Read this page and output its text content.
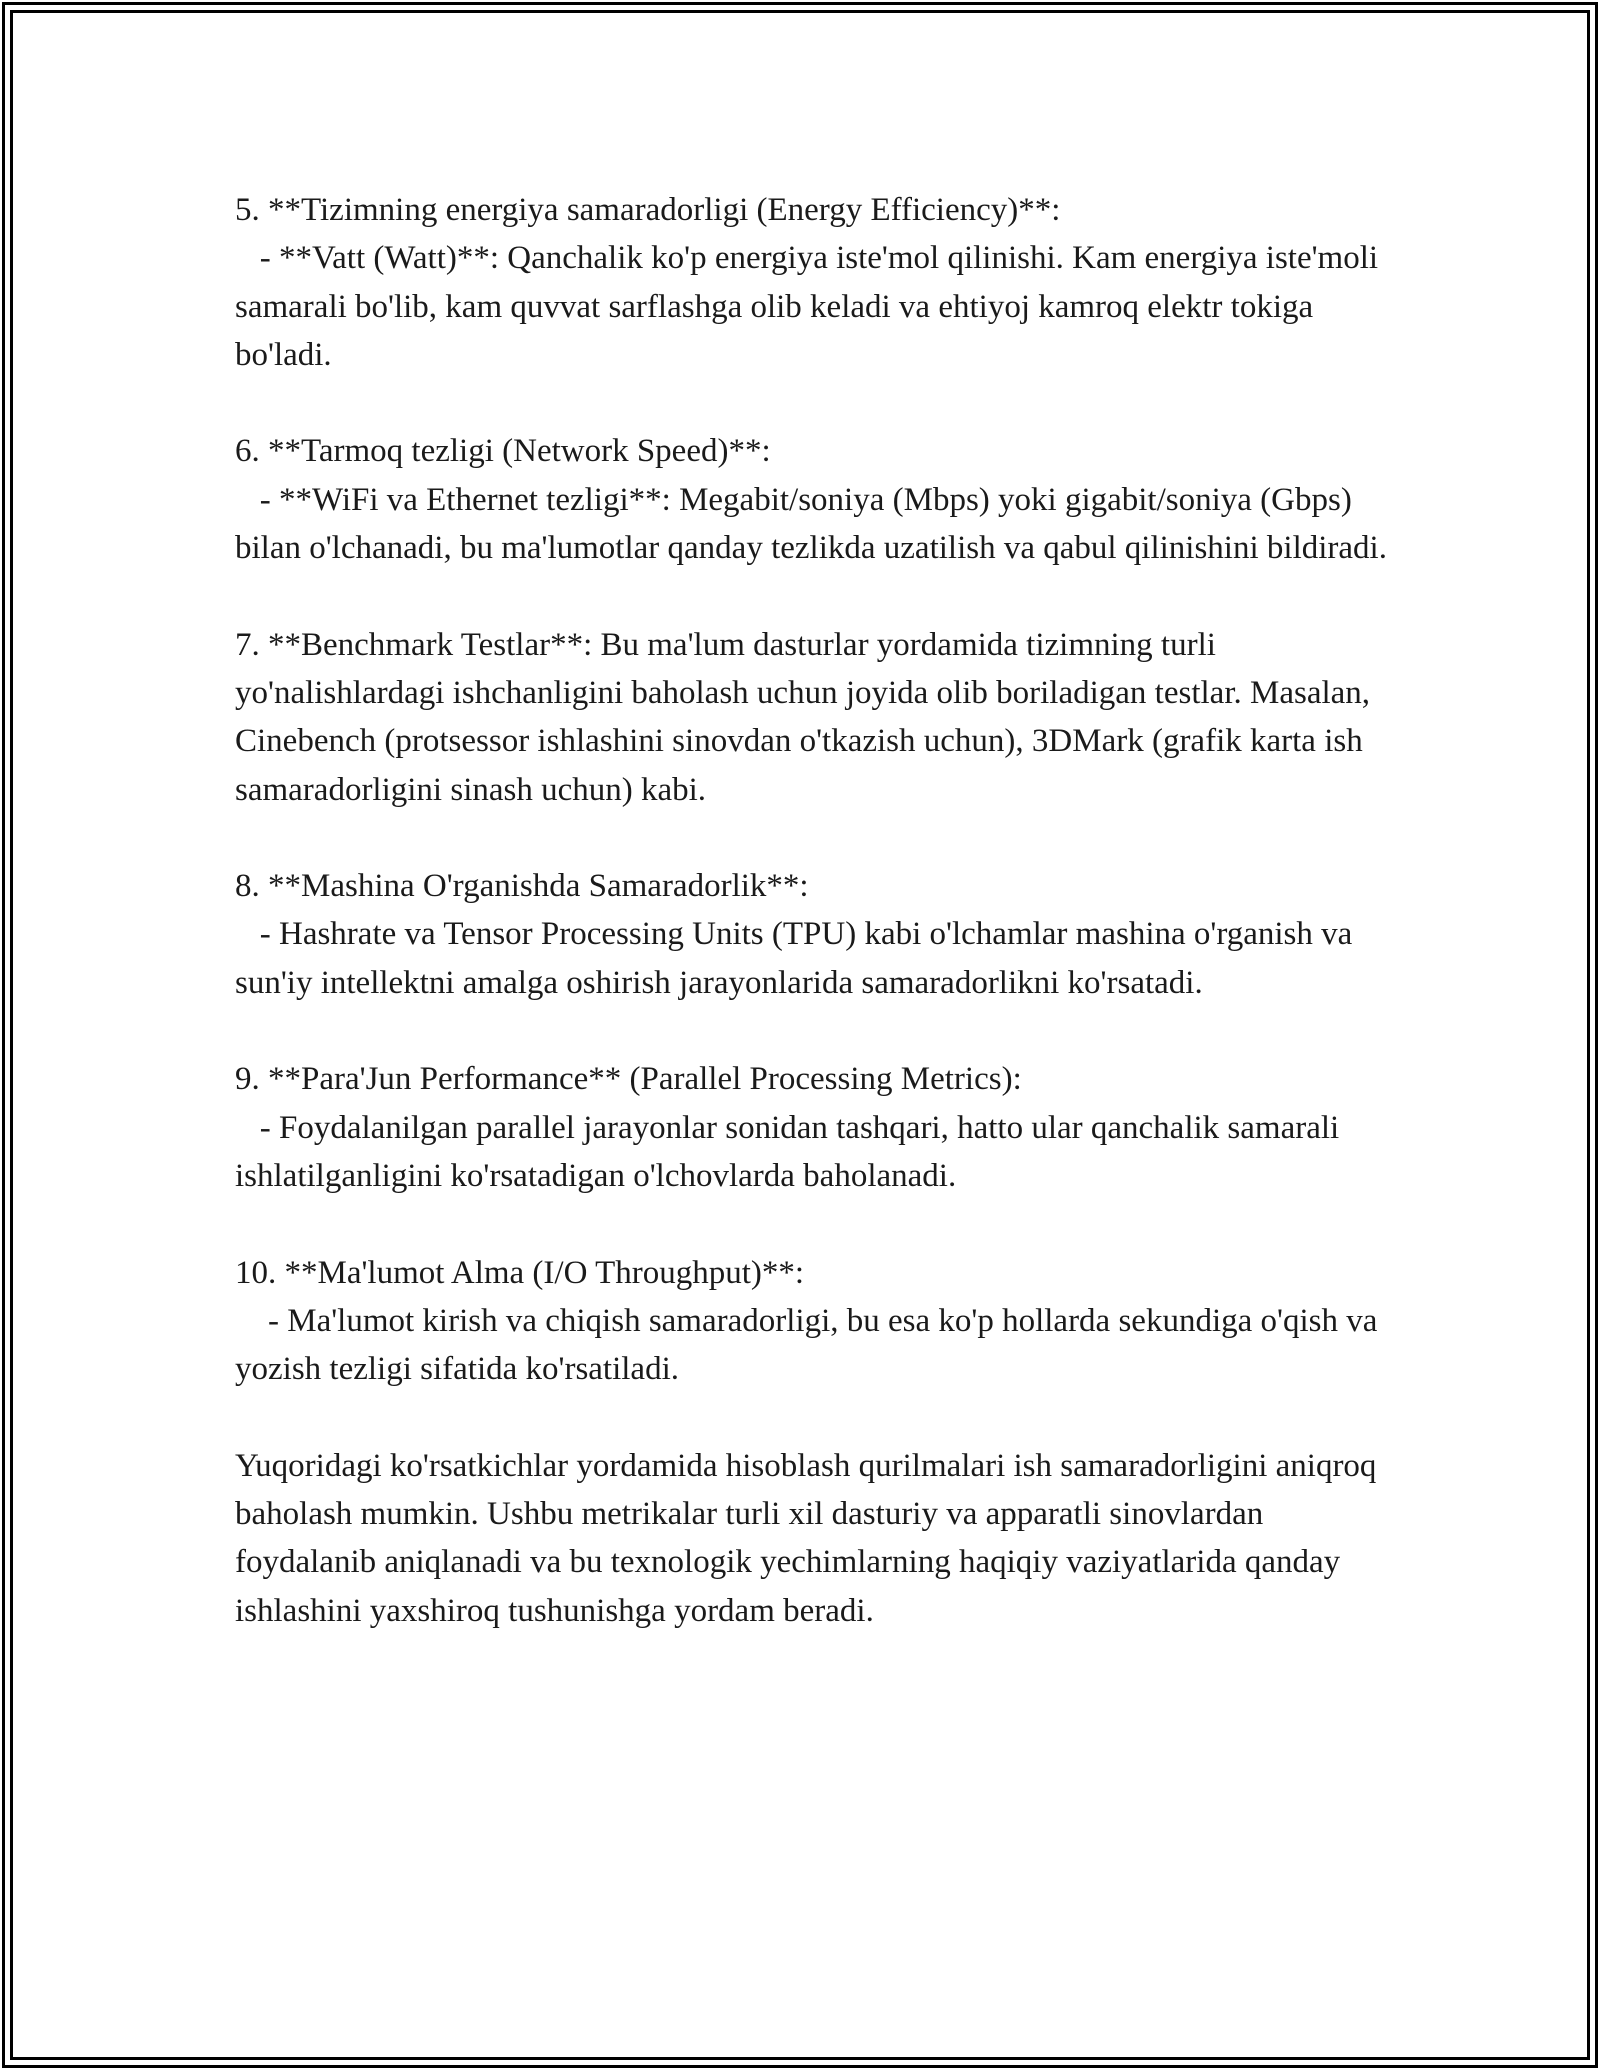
5. **Tizimning energiya samaradorligi (Energy Efficiency)**:

- **Vatt (Watt)**: Qanchalik ko'p energiya iste'mol qilinishi. Kam energiya iste'moli samarali bo'lib, kam quvvat sarflashga olib keladi va ehtiyoj kamroq elektr tokiga bo'ladi.

6. **Tarmoq tezligi (Network Speed)**:

- **WiFi va Ethernet tezligi**: Megabit/soniya (Mbps) yoki gigabit/soniya (Gbps) bilan o'lchanadi, bu ma'lumotlar qanday tezlikda uzatilish va qabul qilinishini bildiradi.

7. **Benchmark Testlar**: Bu ma'lum dasturlar yordamida tizimning turli yo'nalishlardagi ishchanligini baholash uchun joyida olib boriladigan testlar. Masalan, Cinebench (protsessor ishlashini sinovdan o'tkazish uchun), 3DMark (grafik karta ish samaradorligini sinash uchun) kabi.

8. **Mashina O'rganishda Samaradorlik**:

- Hashrate va Tensor Processing Units (TPU) kabi o'lchamlar mashina o'rganish va sun'iy intellektni amalga oshirish jarayonlarida samaradorlikni ko'rsatadi.

9. **Para'Jun Performance** (Parallel Processing Metrics):

- Foydalanilgan parallel jarayonlar sonidan tashqari, hatto ular qanchalik samarali ishlatilganligini ko'rsatadigan o'lchovlarda baholanadi.

10. **Ma'lumot Alma (I/O Throughput)**:

- Ma'lumot kirish va chiqish samaradorligi, bu esa ko'p hollarda sekundiga o'qish va yozish tezligi sifatida ko'rsatiladi.

Yuqoridagi ko'rsatkichlar yordamida hisoblash qurilmalari ish samaradorligini aniqroq baholash mumkin. Ushbu metrikalar turli xil dasturiy va apparatli sinovlardan foydalanib aniqlanadi va bu texnologik yechimlarning haqiqiy vaziyatlarida qanday ishlashini yaxshiroq tushunishga yordam beradi.
